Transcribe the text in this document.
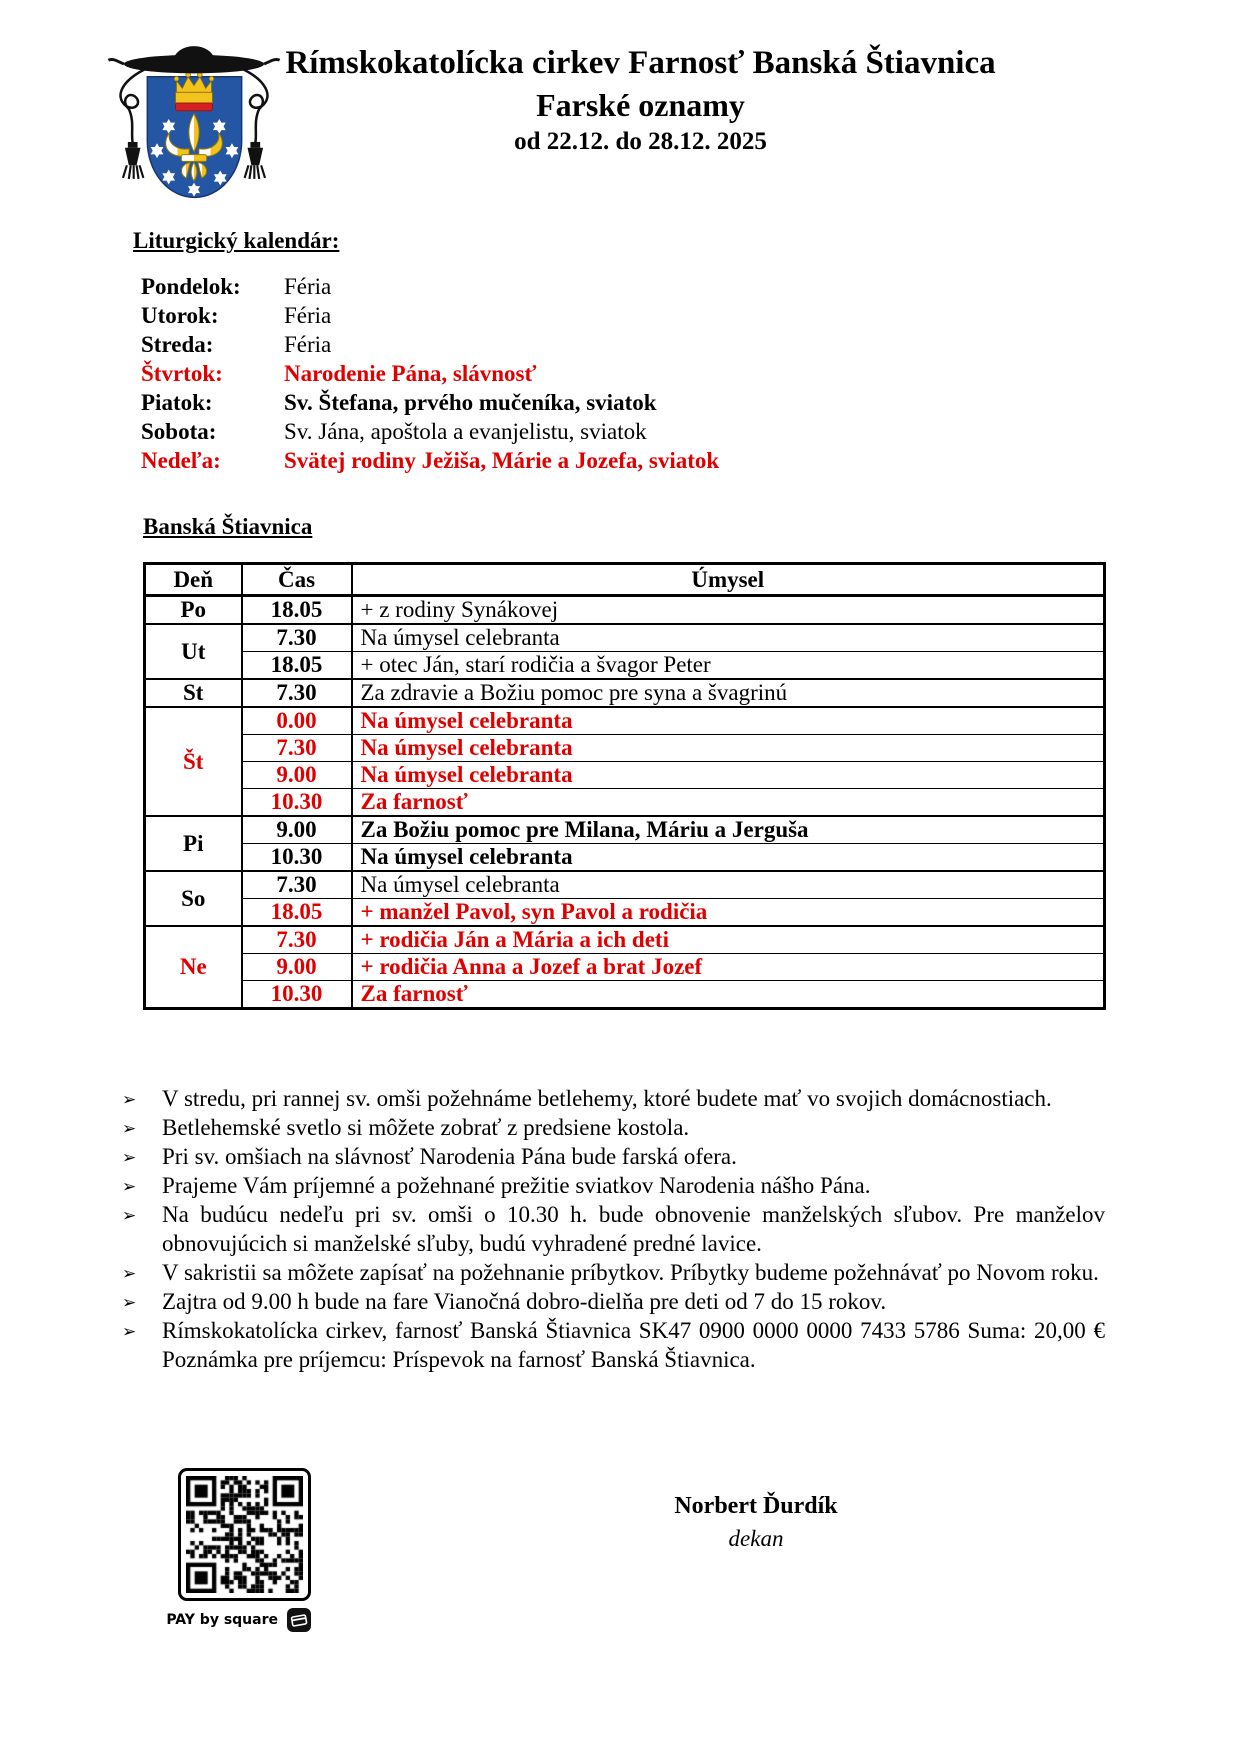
Rímskokatolícka cirkev Farnosť Banská Štiavnica
Farské oznamy
od 22.12. do 28.12. 2025
Liturgický kalendár:
Pondelok:	Féria
Utorok:	Féria
Streda:	Féria
Štvrtok:	Narodenie Pána, slávnosť
Piatok:	Sv. Štefana, prvého mučeníka, sviatok
Sobota:	Sv. Jána, apoštola a evanjelistu, sviatok
Nedeľa:	Svätej rodiny Ježiša, Márie a Jozefa, sviatok
Banská Štiavnica
Deň	Čas	Úmysel
Po	18.05	+ z rodiny Synákovej
Ut	7.30	Na úmysel celebranta
	18.05	+ otec Ján, starí rodičia a švagor Peter
St	7.30	Za zdravie a Božiu pomoc pre syna a švagrinú
Št	0.00	Na úmysel celebranta
	7.30	Na úmysel celebranta
	9.00	Na úmysel celebranta
	10.30	Za farnosť
Pi	9.00	Za Božiu pomoc pre Milana, Máriu a Jerguša
	10.30	Na úmysel celebranta
So	7.30	Na úmysel celebranta
	18.05	+ manžel Pavol, syn Pavol a rodičia
Ne	7.30	+ rodičia Ján a Mária a ich deti
	9.00	+ rodičia Anna a Jozef a brat Jozef
	10.30	Za farnosť
➢ V stredu, pri rannej sv. omši požehnáme betlehemy, ktoré budete mať vo svojich domácnostiach.
➢ Betlehemské svetlo si môžete zobrať z predsiene kostola.
➢ Pri sv. omšiach na slávnosť Narodenia Pána bude farská ofera.
➢ Prajeme Vám príjemné a požehnané prežitie sviatkov Narodenia nášho Pána.
➢ Na budúcu nedeľu pri sv. omši o 10.30 h. bude obnovenie manželských sľubov. Pre manželov obnovujúcich si manželské sľuby, budú vyhradené predné lavice.
➢ V sakristii sa môžete zapísať na požehnanie príbytkov. Príbytky budeme požehnávať po Novom roku.
➢ Zajtra od 9.00 h bude na fare Vianočná dobro-dielňa pre deti od 7 do 15 rokov.
➢ Rímskokatolícka cirkev, farnosť Banská Štiavnica SK47 0900 0000 0000 7433 5786 Suma: 20,00 € Poznámka pre príjemcu: Príspevok na farnosť Banská Štiavnica.
PAY by square
Norbert Ďurdík
dekan
